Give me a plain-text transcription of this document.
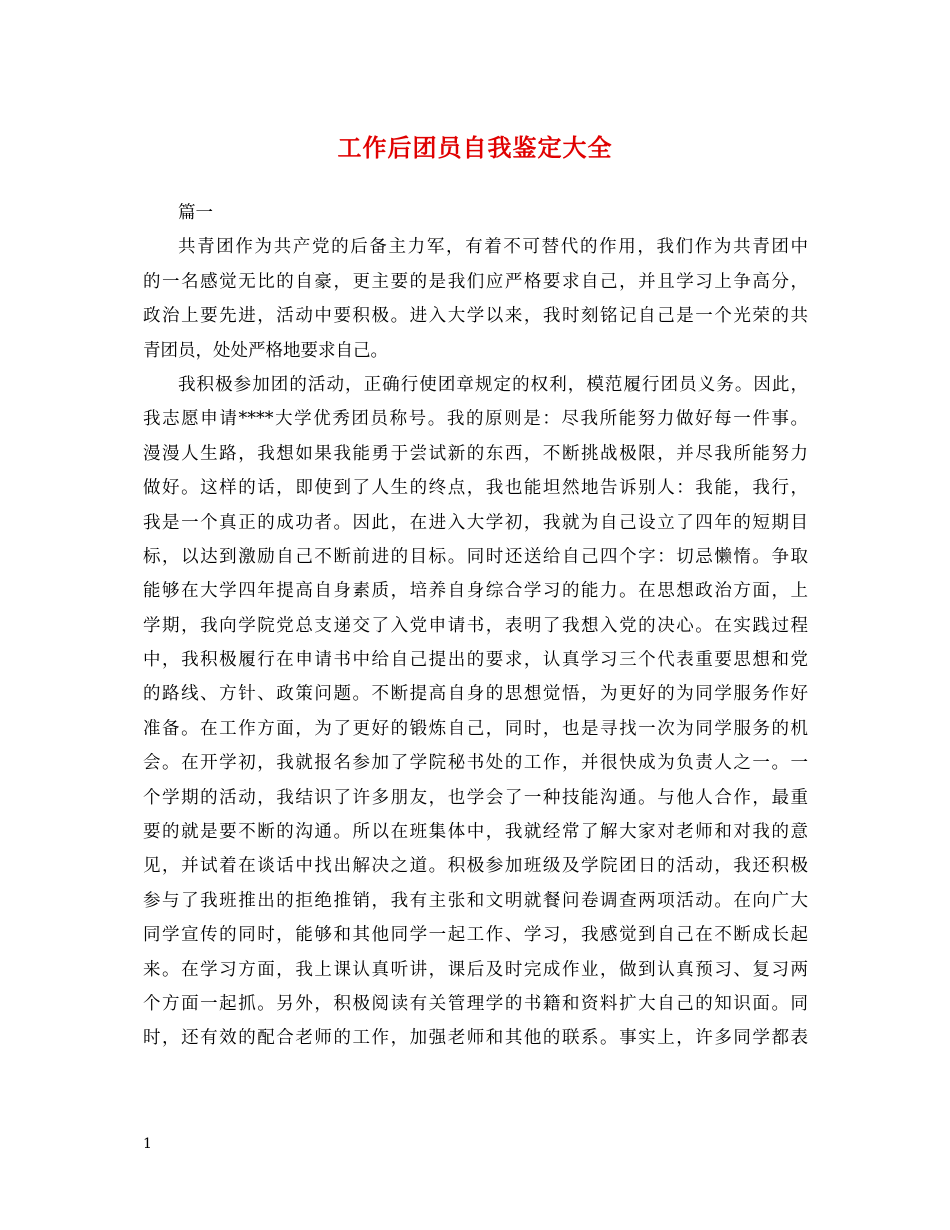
工作后团员自我鉴定大全
篇一
共青团作为共产党的后备主力军，有着不可替代的作用，我们作为共青团中
的一名感觉无比的自豪，更主要的是我们应严格要求自己，并且学习上争高分，
政治上要先进，活动中要积极。进入大学以来，我时刻铭记自己是一个光荣的共
青团员，处处严格地要求自己。
我积极参加团的活动，正确行使团章规定的权利，模范履行团员义务。因此，
我志愿申请****大学优秀团员称号。我的原则是：尽我所能努力做好每一件事。
漫漫人生路，我想如果我能勇于尝试新的东西，不断挑战极限，并尽我所能努力
做好。这样的话，即使到了人生的终点，我也能坦然地告诉别人：我能，我行，
我是一个真正的成功者。因此，在进入大学初，我就为自己设立了四年的短期目
标，以达到激励自己不断前进的目标。同时还送给自己四个字：切忌懒惰。争取
能够在大学四年提高自身素质，培养自身综合学习的能力。在思想政治方面，上
学期，我向学院党总支递交了入党申请书，表明了我想入党的决心。在实践过程
中，我积极履行在申请书中给自己提出的要求，认真学习三个代表重要思想和党
的路线、方针、政策问题。不断提高自身的思想觉悟，为更好的为同学服务作好
准备。在工作方面，为了更好的锻炼自己，同时，也是寻找一次为同学服务的机
会。在开学初，我就报名参加了学院秘书处的工作，并很快成为负责人之一。一
个学期的活动，我结识了许多朋友，也学会了一种技能沟通。与他人合作，最重
要的就是要不断的沟通。所以在班集体中，我就经常了解大家对老师和对我的意
见，并试着在谈话中找出解决之道。积极参加班级及学院团日的活动，我还积极
参与了我班推出的拒绝推销，我有主张和文明就餐问卷调查两项活动。在向广大
同学宣传的同时，能够和其他同学一起工作、学习，我感觉到自己在不断成长起
来。在学习方面，我上课认真听讲，课后及时完成作业，做到认真预习、复习两
个方面一起抓。另外，积极阅读有关管理学的书籍和资料扩大自己的知识面。同
时，还有效的配合老师的工作，加强老师和其他的联系。事实上，许多同学都表
1
